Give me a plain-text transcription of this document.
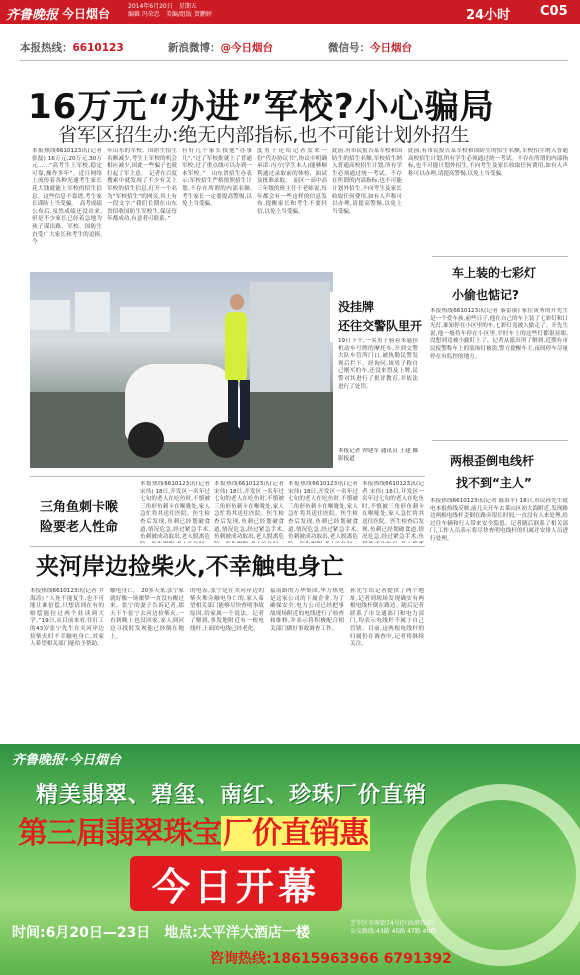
齐鲁晚报 今日烟台
2014年6月20日　星期五
编辑 冯荣忠　美编/组版 贺鹏婷	24小时 C05
本报热线：6610123	新浪微博：@今日烟台	微信号：今日烟台
16万元“办进”军校?小心骗局
省军区招生办:绝无内部指标,也不可能计划外招生
本报热线6610123讯(记者 张磊) 16万元,20万元,30万元……“高考生上军校,稳定可靠,操作多年”。近日网络上流传着各种光速考生家长花大钱就能上军校的招生信息。这些信息不靠谱,考生家长谨防上当受骗。　高考成绩公布后,虽然成绩还没出来,但是不少家长已经着急地为孩子谋出路。军校、国防生直受广大家长和考生的追捧,今
年山东的军校、国防生招生名额减少,考生上军校的机会相应减少,因此一些骗子也就打起了军主意。　记者在百度搜索中就发现了不少有关上军校的招生信息,打开一个名为“军校招生”的网页,其上有一段文字:“我们长期在山东省招收国防生军校生,保证每年都成功,有意者可联系。”
有好几个家长找他“办事儿”,“过了军校批就上了普通军校,过了重点线可以办到一本军校。”　山东省招生办表示:军校招生严格按照招生计划,不存在所谓的内部名额,考生家长一定要提高警惕,以免上当受骗。
度男子还给记者发来一份“代办协议书”,协议中明确承诺:丙方(学生本人)能够顺利通过录取前的体检、面试及批准录取。　而区一高中高三年级的班主任于老师说,每年都会有一些这样的信息发布,提醒家长和考生不要轻信,以免上当受骗。
此前,有市民报告某军校和国防生的招生名额,军校招生纳入普通高校招生计划,所有学生必须通过统一考试。不存在所谓的内部指标,也不可能计划外招生,不向考生及家长收取任何费用,如有人声称可以办理,请提高警惕,以免上当受骗。
此前,有市民报告某军校和国防生的招生名额,军校招生纳入普通高校招生计划,所有学生必须通过统一考试。不存在所谓的内部指标,也不可能计划外招生,不向考生及家长收取任何费用,如有人声称可以办理,请提高警惕,以免上当受骗。
没挂牌
还往交警队里开
19日下午,一名男子骑着未悬挂机动车号牌的摩托车,开到交警大队车管所门口,被执勤民警发现后拦下。经询问,该男子称自己刚买的车,还没来得及上牌,民警对其进行了批评教育,并依法进行了处罚。
本报记者 钟建军 通讯员 王建 摄影报道
车上装的七彩灯
小偷也惦记?
本报热线6610123讯(记者 秦雷丽) 家住黄务的开先生是一个爱车族,前些日子,他在自己的车上装了七彩灯和日光灯,谁知停在小区里的车,七彩灯竟被人偷走了。开先生说,他一般将车停在小区里,平时车上的这些灯都很显眼,没想到竟被小偷盯上了。记者从派出所了解到,近期有市民报警称车上的装饰灯被盗,警方提醒车主,夜间停车尽量停在有监控的地方。
三角鱼刺卡喉
险要老人性命
本报热线6610123讯(记者 宋伟) 18日,开发区一名年过七旬的老人在吃鱼时,不慎被三角形鱼刺卡在喉咙处,家人急忙将其送往医院。医生检查后发现,鱼刺已经划破食道,情况危急,经过紧急手术,鱼刺被成功取出,老人脱离危
本报热线6610123讯(记者 宋伟) 18日,开发区一名年过七旬的老人在吃鱼时,不慎被三角形鱼刺卡在喉咙处,家人急忙将其送往医院。医生检查后发现,鱼刺已经划破食道,情况危急,经过紧急手术,鱼刺被成功取出,老人脱离危
本报热线6610123讯(记者 宋伟) 18日,开发区一名年过七旬的老人在吃鱼时,不慎被三角形鱼刺卡在喉咙处,家人急忙将其送往医院。医生检查后发现,鱼刺已经划破食道,情况危急,经过紧急手术,鱼刺被成功取出,老人脱离危
本报热线6610123讯(记者 宋伟) 18日,开发区一名年过七旬的老人在吃鱼时,不慎被三角形鱼刺卡在喉咙处,家人急忙将其送往医院。医生检查后发现,鱼刺已经划破食道,情况危急,经过紧急手术,鱼
两根歪倒电线杆
找不到“主人”
本报热线6610123讯(记者 陈海平) 18日,市民孙先生致电本报热线反映,前几天开车去莱山区初大海附近,发现路边两根电线杆歪倒在路旁很长时间,一直没有人来处理,给过往车辆和行人带来安全隐患。记者随后联系了相关部门,工作人员表示将尽快查明电线杆的归属并安排人员进行处理。
夹河岸边捡柴火,不幸触电身亡
本报热线6610123讯(记者 尹海涛) “人死不能复生,也不可能让谁倍偿,只想请到在有的赔偿能拉过两个娃读到大学。”19日,从目前来看,往打工的43岁张宁先生在夹河岸边捡柴火时不幸触电身亡,其家人希望相关部门能给予帮助。
触电身亡。　20多天来,张宁家就好像一场噩梦一直没有醒过来。张宁的妻子告诉记者,那天下午张宁去河边捡柴火,一直到晚上也没回家,家人到河边寻找时发现他已经倒在地上。
的电表,张宁是在夹河岸边的柴火堆旁触电身亡的,家人希望相关部门能够尽快查明事故原因,给家属一个说法。记者了解到,事发地附近有一根电线杆,上面的电线已经老化。
福南路的万华集团,华力热电是这家公司的下属企业,为了确保安全,电力公司已经把事故现场附近的电线进行了检查和维修,并表示将积极配合相关部门做好事故调查工作。
孙先生给记者提供了两个地址,记者到现场发现确实有两根电线杆倒在路边。随后记者联系了市交通部门和电力部门,均表示电线杆不属于自己管辖。目前,这两根电线杆的归属仍在调查中,记者将继续关注。
齐鲁晚报·今日烟台
精美翡翠、碧玺、南红、珍珠厂价直销
第三届翡翠珠宝厂价直销惠
今日开幕
时间:6月20日—23日　地点:太平洋大酒店一楼
芝罘区市府街74号(区政府西邻)
公交路线:43路 45路 47路 49路
咨询热线:18615963966 6791392
